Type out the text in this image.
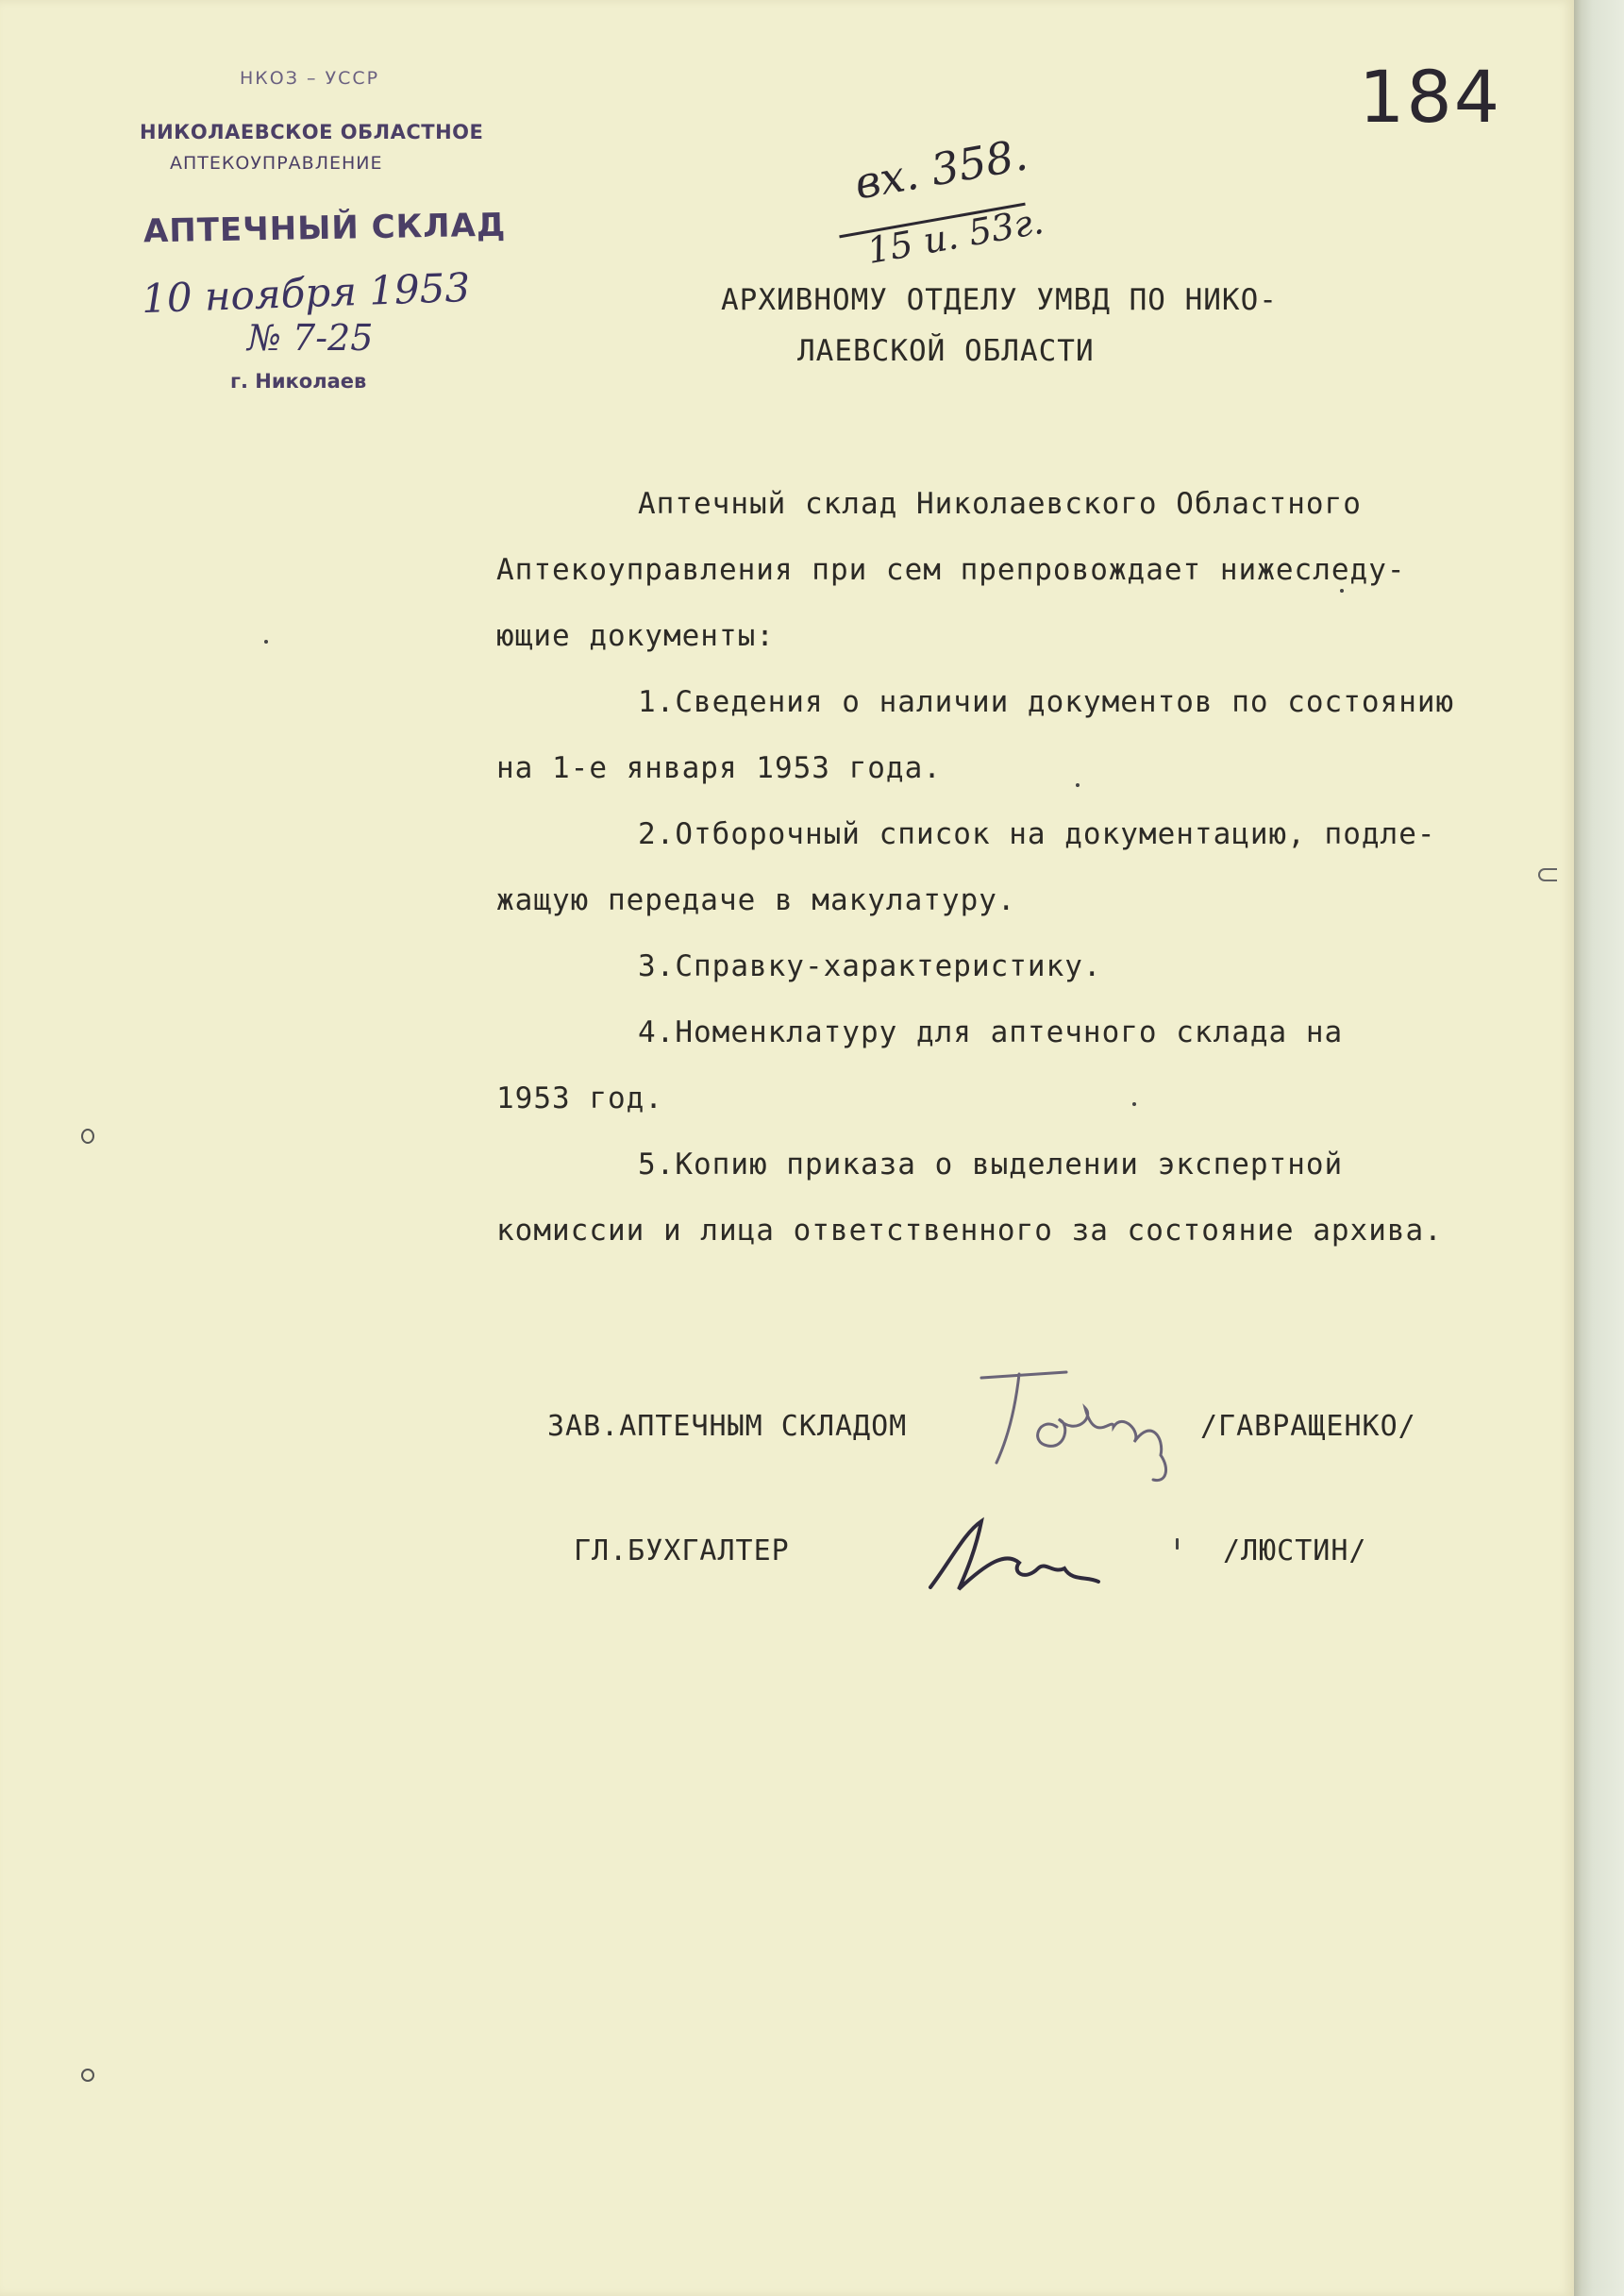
НКОЗ – УССР
НИКОЛАЕВСКОЕ ОБЛАСТНОЕ
АПТЕКОУПРАВЛЕНИЕ
АПТЕЧНЫЙ СКЛАД
10 ноября 1953
№ 7-25
г. Николаев
184
вх. 358.
15 и. 53г.
АРХИВНОМУ ОТДЕЛУ УМВД ПО НИКО-
ЛАЕВСКОЙ ОБЛАСТИ
Аптечный склад Николаевского Областного
Аптекоуправления при сем препровождает нижеследу-
ющие документы:
1.Сведения о наличии документов по состоянию
на 1-е января 1953 года.
2.Отборочный список на документацию, подле-
жащую передаче в макулатуру.
3.Справку-характеристику.
4.Номенклатуру для аптечного склада на
1953 год.
5.Копию приказа о выделении экспертной
комиссии и лица ответственного за состояние архива.
ЗАВ.АПТЕЧНЫМ СКЛАДОМ	/ГАВРАЩЕНКО/
ГЛ.БУХГАЛТЕР	/ЛЮСТИН/
